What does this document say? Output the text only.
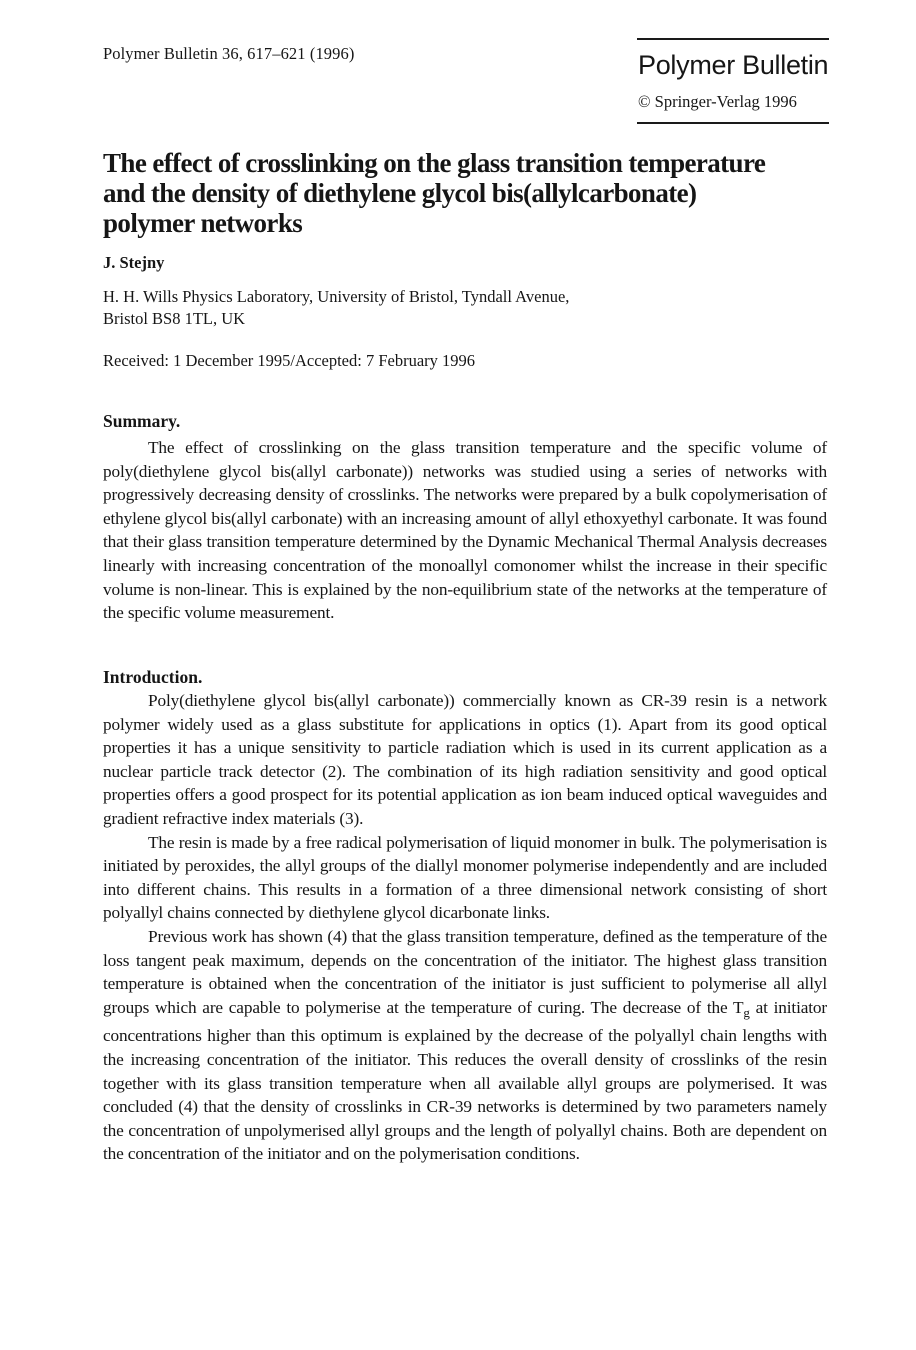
Polymer Bulletin 36, 617–621 (1996)	Polymer Bulletin
© Springer-Verlag 1996
The effect of crosslinking on the glass transition temperature
and the density of diethylene glycol bis(allylcarbonate)
polymer networks
J. Stejny
H. H. Wills Physics Laboratory, University of Bristol, Tyndall Avenue,
Bristol BS8 1TL, UK
Received: 1 December 1995/Accepted: 7 February 1996
Summary.

The effect of crosslinking on the glass transition temperature and the specific volume of poly(diethylene glycol bis(allyl carbonate)) networks was studied using a series of networks with progressively decreasing density of crosslinks. The networks were prepared by a bulk copolymerisation of ethylene glycol bis(allyl carbonate) with an increasing amount of allyl ethoxyethyl carbonate. It was found that their glass transition temperature determined by the Dynamic Mechanical Thermal Analysis decreases linearly with increasing concentration of the monoallyl comonomer whilst the increase in their specific volume is non-linear. This is explained by the non-equilibrium state of the networks at the temperature of the specific volume measurement.

Introduction.

Poly(diethylene glycol bis(allyl carbonate)) commercially known as CR-39 resin is a network polymer widely used as a glass substitute for applications in optics (1). Apart from its good optical properties it has a unique sensitivity to particle radiation which is used in its current application as a nuclear particle track detector (2). The combination of its high radiation sensitivity and good optical properties offers a good prospect for its potential application as ion beam induced optical waveguides and gradient refractive index materials (3).

The resin is made by a free radical polymerisation of liquid monomer in bulk. The polymerisation is initiated by peroxides, the allyl groups of the diallyl monomer polymerise independently and are included into different chains. This results in a formation of a three dimensional network consisting of short polyallyl chains connected by diethylene glycol dicarbonate links.

Previous work has shown (4) that the glass transition temperature, defined as the temperature of the loss tangent peak maximum, depends on the concentration of the initiator. The highest glass transition temperature is obtained when the concentration of the initiator is just sufficient to polymerise all allyl groups which are capable to polymerise at the temperature of curing. The decrease of the $T_g$ at initiator concentrations higher than this optimum is explained by the decrease of the polyallyl chain lengths with the increasing concentration of the initiator. This reduces the overall density of crosslinks of the resin together with its glass transition temperature when all available allyl groups are polymerised. It was concluded (4) that the density of crosslinks in CR-39 networks is determined by two parameters namely the concentration of unpolymerised allyl groups and the length of polyallyl chains. Both are dependent on the concentration of the initiator and on the polymerisation conditions.
